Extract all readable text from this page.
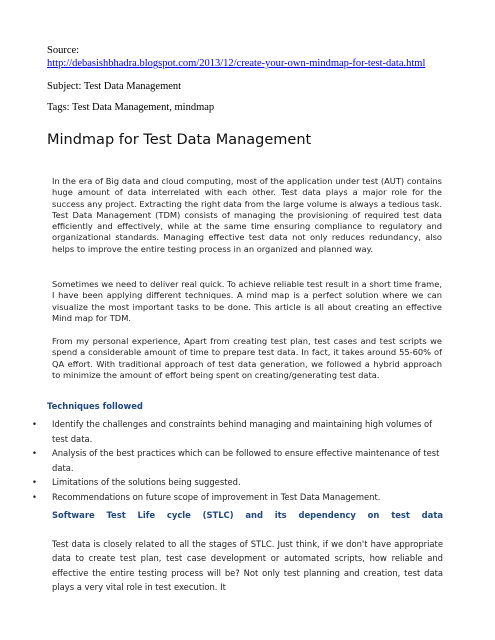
Source:
http://debasishbhadra.blogspot.com/2013/12/create-your-own-mindmap-for-test-data.html
Subject: Test Data Management
Tags: Test Data Management, mindmap
Mindmap for Test Data Management
In the era of Big data and cloud computing, most of the application under test (AUT) contains huge amount of data interrelated with each other. Test data plays a major role for the success any project. Extracting the right data from the large volume is always a tedious task. Test Data Management (TDM) consists of managing the provisioning of required test data efficiently and effectively, while at the same time ensuring compliance to regulatory and organizational standards. Managing effective test data not only reduces redundancy, also helps to improve the entire testing process in an organized and planned way.
Sometimes we need to deliver real quick. To achieve reliable test result in a short time frame, I have been applying different techniques. A mind map is a perfect solution where we can visualize the most important tasks to be done. This article is all about creating an effective Mind map for TDM.
From my personal experience, Apart from creating test plan, test cases and test scripts we spend a considerable amount of time to prepare test data. In fact, it takes around 55-60% of QA effort. With traditional approach of test data generation, we followed a hybrid approach to minimize the amount of effort being spent on creating/generating test data.
Techniques followed
• Identify the challenges and constraints behind managing and maintaining high volumes of test data.
• Analysis of the best practices which can be followed to ensure effective maintenance of test data.
• Limitations of the solutions being suggested.
• Recommendations on future scope of improvement in Test Data Management.
Software Test Life cycle (STLC) and its dependency on test data
Test data is closely related to all the stages of STLC. Just think, if we don't have appropriate data to create test plan, test case development or automated scripts, how reliable and effective the entire testing process will be? Not only test planning and creation, test data plays a very vital role in test execution. It
